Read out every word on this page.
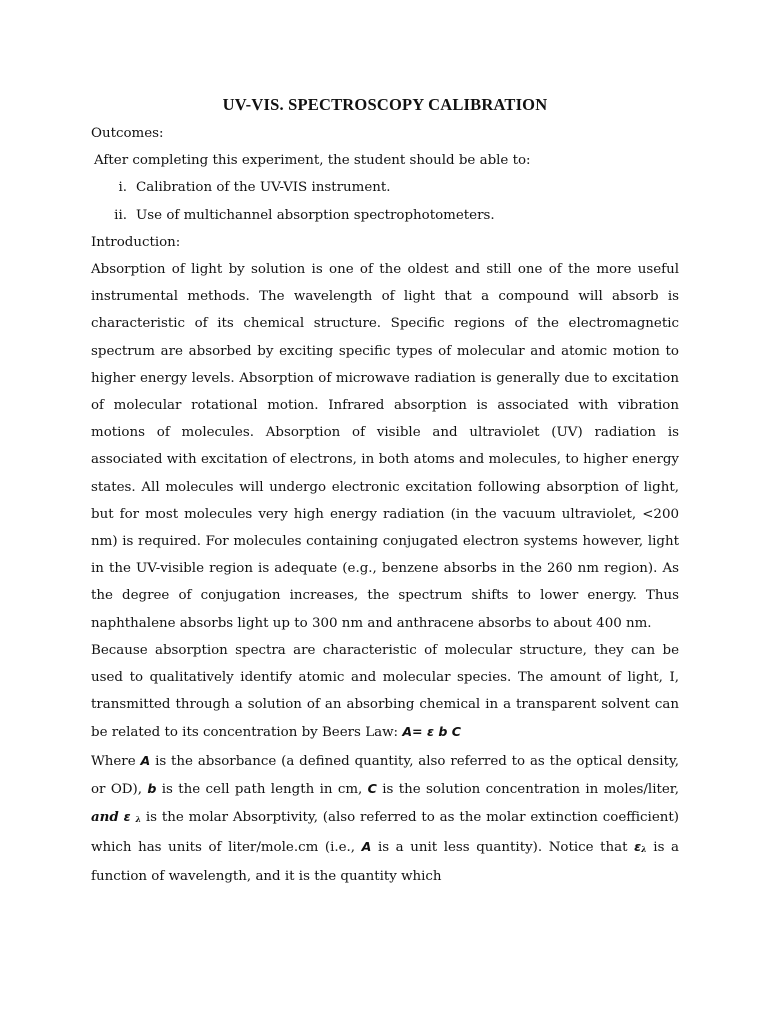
UV-VIS. SPECTROSCOPY CALIBRATION
Outcomes:
After completing this experiment, the student should be able to:
i. Calibration of the UV-VIS instrument.
ii. Use of multichannel absorption spectrophotometers.
Introduction:

Absorption of light by solution is one of the oldest and still one of the more useful instrumental methods. The wavelength of light that a compound will absorb is characteristic of its chemical structure. Specific regions of the electromagnetic spectrum are absorbed by exciting specific types of molecular and atomic motion to higher energy levels. Absorption of microwave radiation is generally due to excitation of molecular rotational motion. Infrared absorption is associated with vibration motions of molecules. Absorption of visible and ultraviolet (UV) radiation is associated with excitation of electrons, in both atoms and molecules, to higher energy states. All molecules will undergo electronic excitation following absorption of light, but for most molecules very high energy radiation (in the vacuum ultraviolet, <200 nm) is required. For molecules containing conjugated electron systems however, light in the UV-visible region is adequate (e.g., benzene absorbs in the 260 nm region). As the degree of conjugation increases, the spectrum shifts to lower energy. Thus naphthalene absorbs light up to 300 nm and anthracene absorbs to about 400 nm.

Because absorption spectra are characteristic of molecular structure, they can be used to qualitatively identify atomic and molecular species. The amount of light, I, transmitted through a solution of an absorbing chemical in a transparent solvent can be related to its concentration by Beers Law: A= ε b C

Where A is the absorbance (a defined quantity, also referred to as the optical density, or OD), b is the cell path length in cm, C is the solution concentration in moles/liter, and ε λ is the molar Absorptivity, (also referred to as the molar extinction coefficient) which has units of liter/mole.cm (i.e., A is a unit less quantity). Notice that ελ is a function of wavelength, and it is the quantity which
